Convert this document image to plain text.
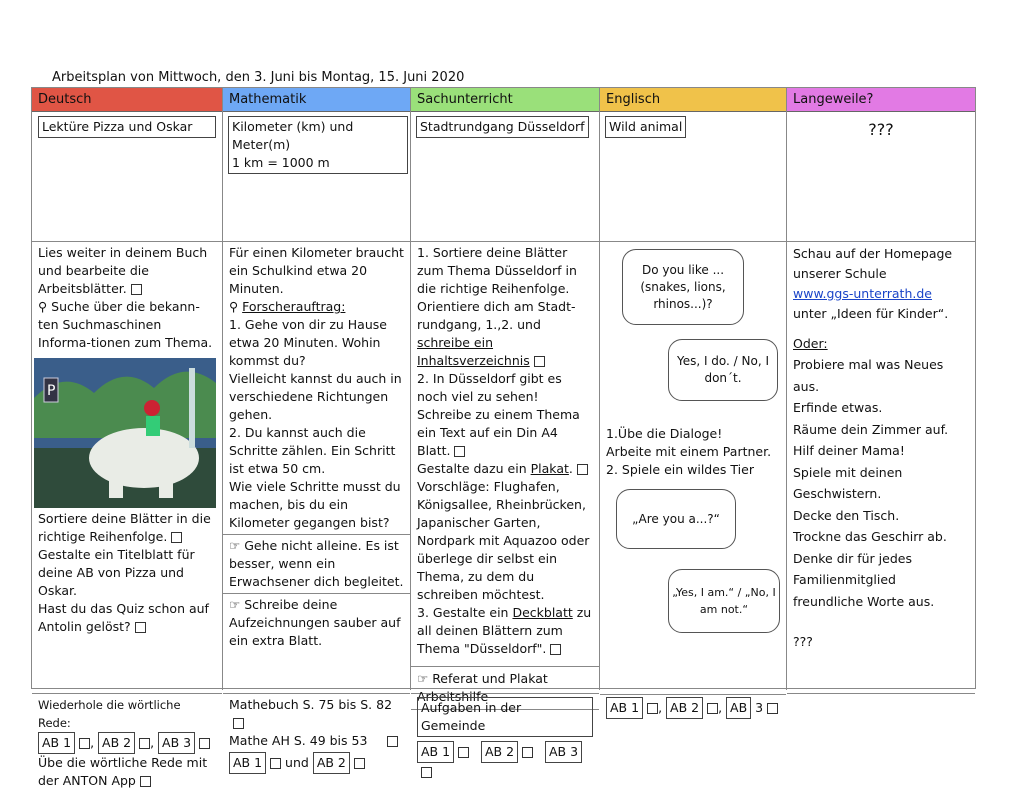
Arbeitsplan von Mittwoch, den 3. Juni bis Montag, 15. Juni 2020
Deutsch
Lektüre Pizza und Oskar
Lies weiter in deinem Buch und bearbeite die Arbeitsblätter.
⚲ Suche über die bekann-ten Suchmaschinen Informa-tionen zum Thema.
P
Sortiere deine Blätter in die richtige Reihenfolge.
Gestalte ein Titelblatt für deine AB von Pizza und Oskar.
Hast du das Quiz schon auf Antolin gelöst?
Wiederhole die wörtliche Rede:
AB 1 , AB 2 , AB 3
Übe die wörtliche Rede mit der ANTON App
Mathematik
Kilometer (km) und Meter(m)
1 km = 1000 m
Für einen Kilometer braucht ein Schulkind etwa 20 Minuten.
⚲ Forscherauftrag:
1. Gehe von dir zu Hause etwa 20 Minuten. Wohin kommst du?
Vielleicht kannst du auch in verschiedene Richtungen gehen.
2. Du kannst auch die Schritte zählen. Ein Schritt ist etwa 50 cm.
Wie viele Schritte musst du machen, bis du ein Kilometer gegangen bist?
☞ Gehe nicht alleine. Es ist besser, wenn ein Erwachsener dich begleitet.
☞ Schreibe deine Aufzeichnungen sauber auf ein extra Blatt.
Mathebuch S. 75 bis S. 82
Mathe AH S. 49 bis 53
AB 1 und AB 2
Sachunterricht
Stadtrundgang Düsseldorf
1. Sortiere deine Blätter zum Thema Düsseldorf in die richtige Reihenfolge. Orientiere dich am Stadt-rundgang, 1.,2. und schreibe ein Inhaltsverzeichnis
2. In Düsseldorf gibt es noch viel zu sehen!
Schreibe zu einem Thema ein Text auf ein Din A4 Blatt.
Gestalte dazu ein Plakat.
Vorschläge: Flughafen, Königsallee, Rheinbrücken, Japanischer Garten, Nordpark mit Aquazoo oder überlege dir selbst ein Thema, zu dem du schreiben möchtest.
3. Gestalte ein Deckblatt zu all deinen Blättern zum Thema "Düsseldorf".
☞ Referat und Plakat Arbeitshilfe
Aufgaben in der Gemeinde
AB 1	AB 2	AB 3
Englisch
Wild animal
Do you like ... (snakes, lions, rhinos...)?
Yes, I do. / No, I don´t.
1.Übe die Dialoge!
Arbeite mit einem Partner.
2. Spiele ein wildes Tier
„Are you a...?“
„Yes, I am.“ / „No, I am not.“
AB 1 , AB 2 , AB 3
Langeweile?
???
Schau auf der Homepage unserer Schule
www.ggs-unterrath.de
unter „Ideen für Kinder“.
Oder:
Probiere mal was Neues aus.
Erfinde etwas.
Räume dein Zimmer auf.
Hilf deiner Mama!
Spiele mit deinen Geschwistern.
Decke den Tisch.
Trockne das Geschirr ab.
Denke dir für jedes Familienmitglied freundliche Worte aus.
???
